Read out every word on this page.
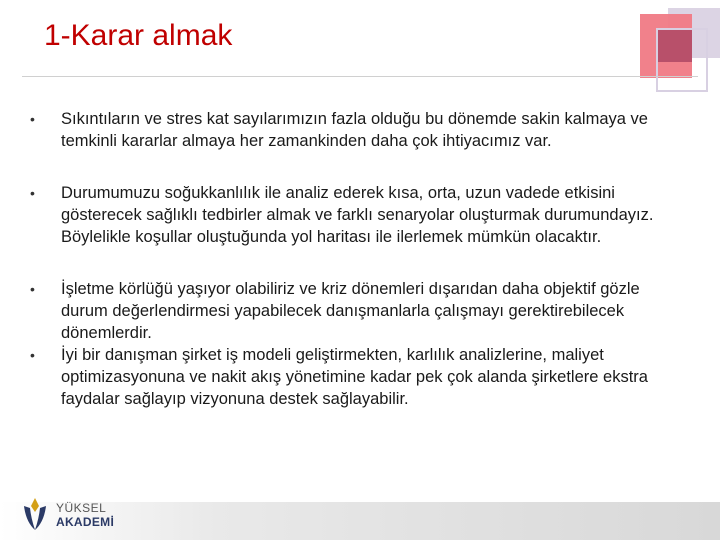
1-Karar almak
• Sıkıntıların ve stres kat sayılarımızın fazla olduğu bu dönemde sakin kalmaya ve temkinli kararlar almaya her zamankinden daha çok ihtiyacımız var.
• Durumumuzu soğukkanlılık ile analiz ederek kısa, orta, uzun vadede etkisini gösterecek sağlıklı tedbirler almak ve farklı senaryolar oluşturmak durumundayız. Böylelikle koşullar oluştuğunda yol haritası ile ilerlemek mümkün olacaktır.
• İşletme körlüğü yaşıyor olabiliriz ve kriz dönemleri dışarıdan daha objektif gözle durum değerlendirmesi yapabilecek danışmanlarla çalışmayı gerektirebilecek dönemlerdir.
• İyi bir danışman şirket iş modeli geliştirmekten, karlılık analizlerine, maliyet optimizasyonuna ve nakit akış yönetimine kadar pek çok alanda şirketlere ekstra faydalar sağlayıp vizyonuna destek sağlayabilir.
YÜKSEL
AKADEMİ
